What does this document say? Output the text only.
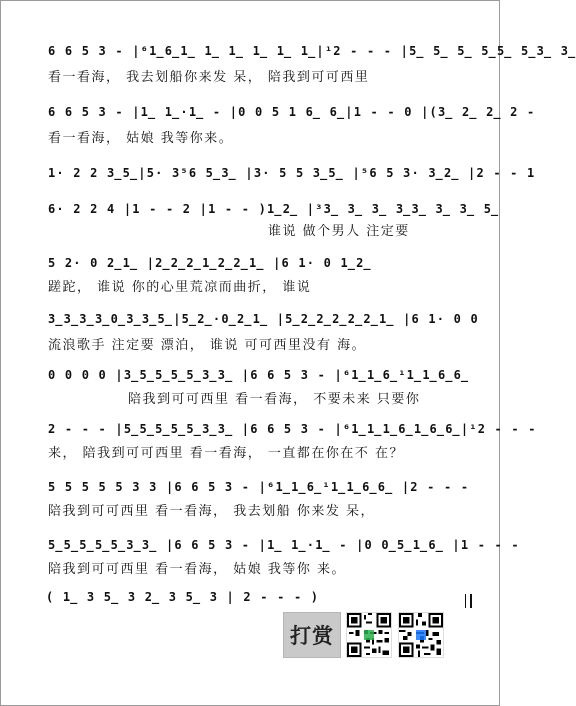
6 6 5 3 - |⁶1̲6̲1̲ 1̲ 1̲ 1̲ 1̲ 1̲|¹2 - - - |5̲ 5̲ 5̲ 5̲5̲ 5̲3̲ 3̲
看一看海， 我去划船你来发 呆， 陪我到可可西里
6 6 5 3 - |1̲ 1̲·1̲ - |0 0 5 1 6̲ 6̲|1 - - 0 |(3̲ 2̲ 2̲ 2 -
看一看海， 姑娘 我等你来。
1· 2 2 3̲5̲|5· 3⁵6 5̲3̲ |3· 5 5 3̲5̲ |⁵6 5 3· 3̲2̲ |2 - - 1
6· 2 2 4 |1 - - 2 |1 - - )1̲2̲ |³3̲ 3̲ 3̲ 3̲3̲ 3̲ 3̲ 5̲
谁说 做个男人 注定要
5 2· 0 2̲1̲ |2̲2̲2̲1̲2̲2̲1̲ |6 1· 0 1̲2̲
蹉跎， 谁说 你的心里荒凉而曲折， 谁说
3̲3̲3̲3̲0̲3̲3̲5̲|5̲2̲·0̲2̲1̲ |5̲2̲2̲2̲2̲2̲1̲ |6 1· 0 0
流浪歌手 注定要 漂泊， 谁说 可可西里没有 海。
0 0 0 0 |3̲5̲5̲5̲5̲3̲3̲ |6 6 5 3 - |⁶1̲1̲6̲¹1̲1̲6̲6̲
陪我到可可西里 看一看海， 不要未来 只要你
2 - - - |5̲5̲5̲5̲5̲3̲3̲ |6 6 5 3 - |⁶1̲1̲1̲6̲1̲6̲6̲|¹2 - - -
来， 陪我到可可西里 看一看海， 一直都在你在不 在？
5 5 5 5 5 3 3 |6 6 5 3 - |⁶1̲1̲6̲¹1̲1̲6̲6̲ |2 - - -
陪我到可可西里 看一看海， 我去划船 你来发 呆，
5̲5̲5̲5̲5̲3̲3̲ |6 6 5 3 - |1̲ 1̲·1̲ - |0 0̲5̲1̲6̲ |1 - - -
陪我到可可西里 看一看海， 姑娘 我等你 来。
( 1̲ 3 5̲ 3 2̲ 3 5̲ 3 | 2 - - - )
打赏
